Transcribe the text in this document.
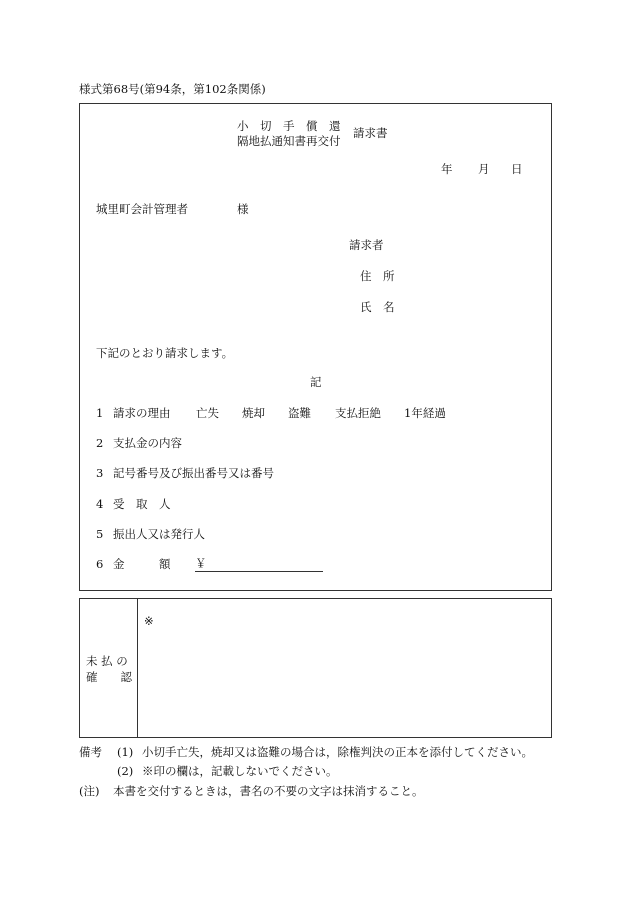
様式第68号(第94条，第102条関係)
小　切　手　償　還
隔地払通知書再交付
請求書
年 月 日
城里町会計管理者	様
請求者
住　所
氏　名
下記のとおり請求します。
記
1 請求の理由 亡失 焼却 盗難 支払拒絶 1年経過
2 支払金の内容
3 記号番号及び振出番号又は番号
4 受　取　人
5 振出人又は発行人
6 金　　　額 ￥
未 払 の
確　　認
※
備考 (1) 小切手亡失，焼却又は盗難の場合は，除権判決の正本を添付してください。
(2) ※印の欄は，記載しないでください。
(注) 本書を交付するときは，書名の不要の文字は抹消すること。
